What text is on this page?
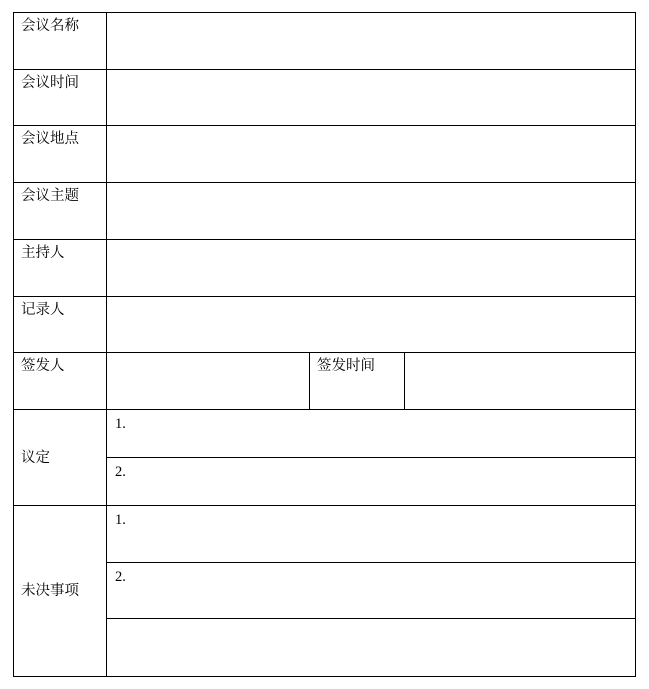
会议名称			
会议时间			
会议地点			
会议主题			
主持人			
记录人			
签发人		签发时间	
议定	1.		
	2.		
未决事项	1.		
	2.		
